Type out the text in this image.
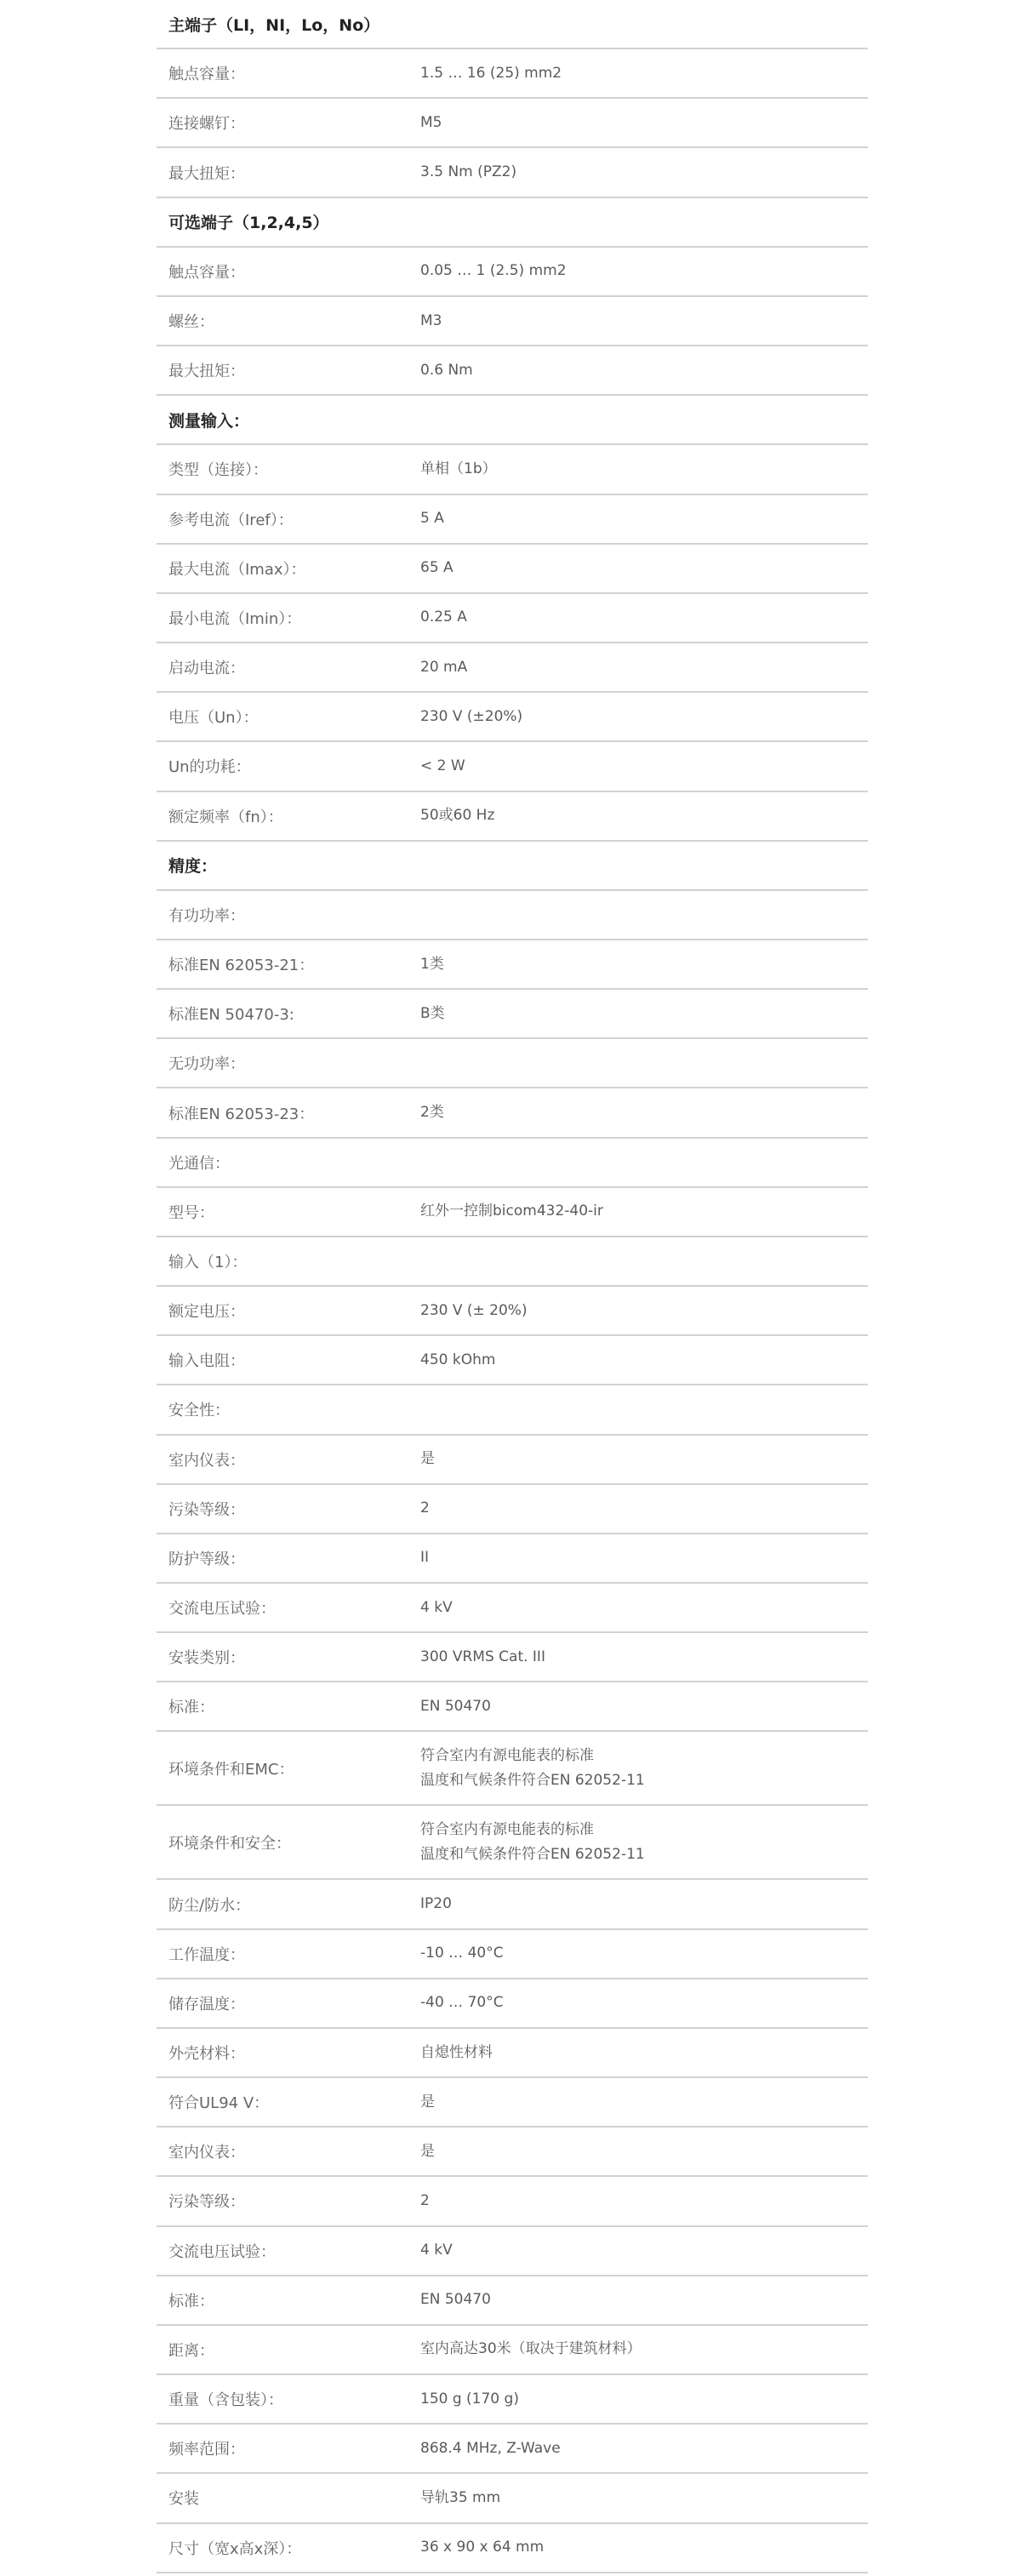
主端子（LI，NI，Lo，No）
触点容量：	1.5 … 16 (25) mm2
连接螺钉：	M5
最大扭矩：	3.5 Nm (PZ2)
可选端子（1,2,4,5）
触点容量：	0.05 … 1 (2.5) mm2
螺丝：	M3
最大扭矩：	0.6 Nm
测量输入：
类型（连接）：	单相（1b）
参考电流（Iref）：	5 A
最大电流（Imax）：	65 A
最小电流（Imin）：	0.25 A
启动电流：	20 mA
电压（Un）：	230 V (±20%)
Un的功耗：	< 2 W
额定频率（fn）：	50或60 Hz
精度：
有功功率：
标准EN 62053-21：	1类
标准EN 50470-3:	B类
无功功率：
标准EN 62053-23：	2类
光通信：
型号：	红外一控制bicom432-40-ir
输入（1）：
额定电压：	230 V (± 20%)
输入电阻：	450 kOhm
安全性：
室内仪表：	是
污染等级：	2
防护等级：	II
交流电压试验：	4 kV
安装类别：	300 VRMS Cat. III
标准：	EN 50470
环境条件和EMC：
符合室内有源电能表的标准
温度和气候条件符合EN 62052-11
环境条件和安全：
符合室内有源电能表的标准
温度和气候条件符合EN 62052-11
防尘/防水：	IP20
工作温度：	-10 … 40°C
储存温度：	-40 … 70°C
外壳材料：	自熄性材料
符合UL94 V：	是
室内仪表：	是
污染等级：	2
交流电压试验：	4 kV
标准：	EN 50470
距离：	室内高达30米（取决于建筑材料）
重量（含包装）：	150 g (170 g)
频率范围：	868.4 MHz, Z-Wave
安装	导轨35 mm
尺寸（宽x高x深）：	36 x 90 x 64 mm
